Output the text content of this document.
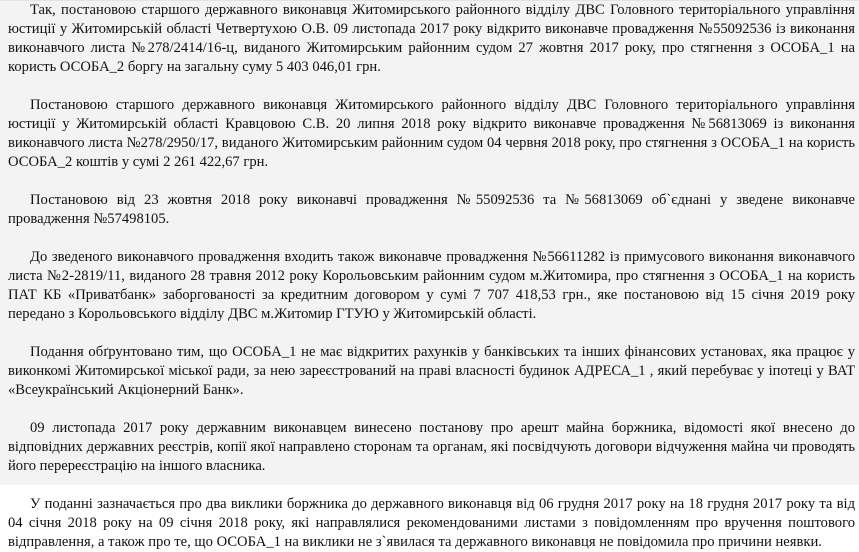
Так, постановою старшого державного виконавця Житомирського районного відділу ДВС Головного територіального управління юстиції у Житомирській області Четвертухою О.В. 09 листопада 2017 року відкрито виконавче провадження №55092536 із виконання виконавчого листа №278/2414/16-ц, виданого Житомирським районним судом 27 жовтня 2017 року, про стягнення з ОСОБА_1 на користь ОСОБА_2 боргу на загальну суму 5 403 046,01 грн.

Постановою старшого державного виконавця Житомирського районного відділу ДВС Головного територіального управління юстиції у Житомирській області Кравцовою С.В. 20 липня 2018 року відкрито виконавче провадження №56813069 із виконання виконавчого листа №278/2950/17, виданого Житомирським районним судом 04 червня 2018 року, про стягнення з ОСОБА_1 на користь ОСОБА_2 коштів у сумі 2 261 422,67 грн.

Постановою від 23 жовтня 2018 року виконавчі провадження №55092536 та №56813069 об`єднані у зведене виконавче провадження №57498105.

До зведеного виконавчого провадження входить також виконавче провадження №56611282 із примусового виконання виконавчого листа №2-2819/11, виданого 28 травня 2012 року Корольовським районним судом м.Житомира, про стягнення з ОСОБА_1 на користь ПАТ КБ «Приватбанк» заборгованості за кредитним договором у сумі 7 707 418,53 грн., яке постановою від 15 січня 2019 року передано з Корольовського відділу ДВС м.Житомир ГТУЮ у Житомирській області.

Подання обґрунтовано тим, що ОСОБА_1 не має відкритих рахунків у банківських та інших фінансових установах, яка працює у виконкомі Житомирської міської ради, за нею зареєстрований на праві власності будинок АДРЕСА_1 , який перебуває у іпотеці у ВАТ «Всеукраїнський Акціонерний Банк».

09 листопада 2017 року державним виконавцем винесено постанову про арешт майна боржника, відомості якої внесено до відповідних державних реєстрів, копії якої направлено сторонам та органам, які посвідчують договори відчуження майна чи проводять його перереєстрацію на іншого власника.

У поданні зазначається про два виклики боржника до державного виконавця від 06 грудня 2017 року на 18 грудня 2017 року та від 04 січня 2018 року на 09 січня 2018 року, які направлялися рекомендованими листами з повідомленням про вручення поштового відправлення, а також про те, що ОСОБА_1 на виклики не з`явилася та державного виконавця не повідомила про причини неявки.
